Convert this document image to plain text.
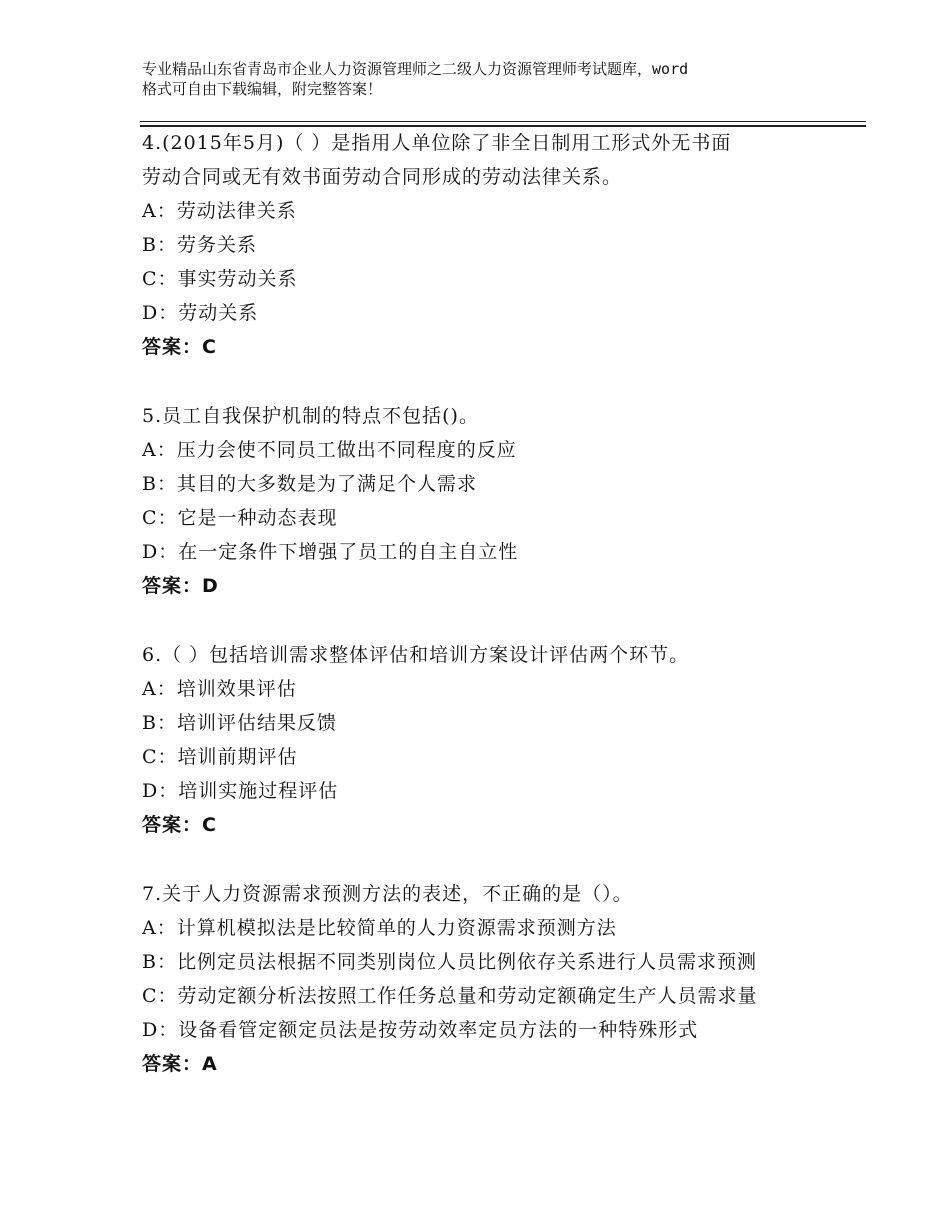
专业精品山东省青岛市企业人力资源管理师之二级人力资源管理师考试题库，word
格式可自由下载编辑，附完整答案！
4.(2015年5月)（ ）是指用人单位除了非全日制用工形式外无书面
劳动合同或无有效书面劳动合同形成的劳动法律关系。
A：劳动法律关系
B：劳务关系
C：事实劳动关系
D：劳动关系
答案：C
5.员工自我保护机制的特点不包括()。
A：压力会使不同员工做出不同程度的反应
B：其目的大多数是为了满足个人需求
C：它是一种动态表现
D：在一定条件下增强了员工的自主自立性
答案：D
6.（ ）包括培训需求整体评估和培训方案设计评估两个环节。
A：培训效果评估
B：培训评估结果反馈
C：培训前期评估
D：培训实施过程评估
答案：C
7.关于人力资源需求预测方法的表述，不正确的是（）。
A：计算机模拟法是比较简单的人力资源需求预测方法
B：比例定员法根据不同类别岗位人员比例依存关系进行人员需求预测
C：劳动定额分析法按照工作任务总量和劳动定额确定生产人员需求量
D：设备看管定额定员法是按劳动效率定员方法的一种特殊形式
答案：A
